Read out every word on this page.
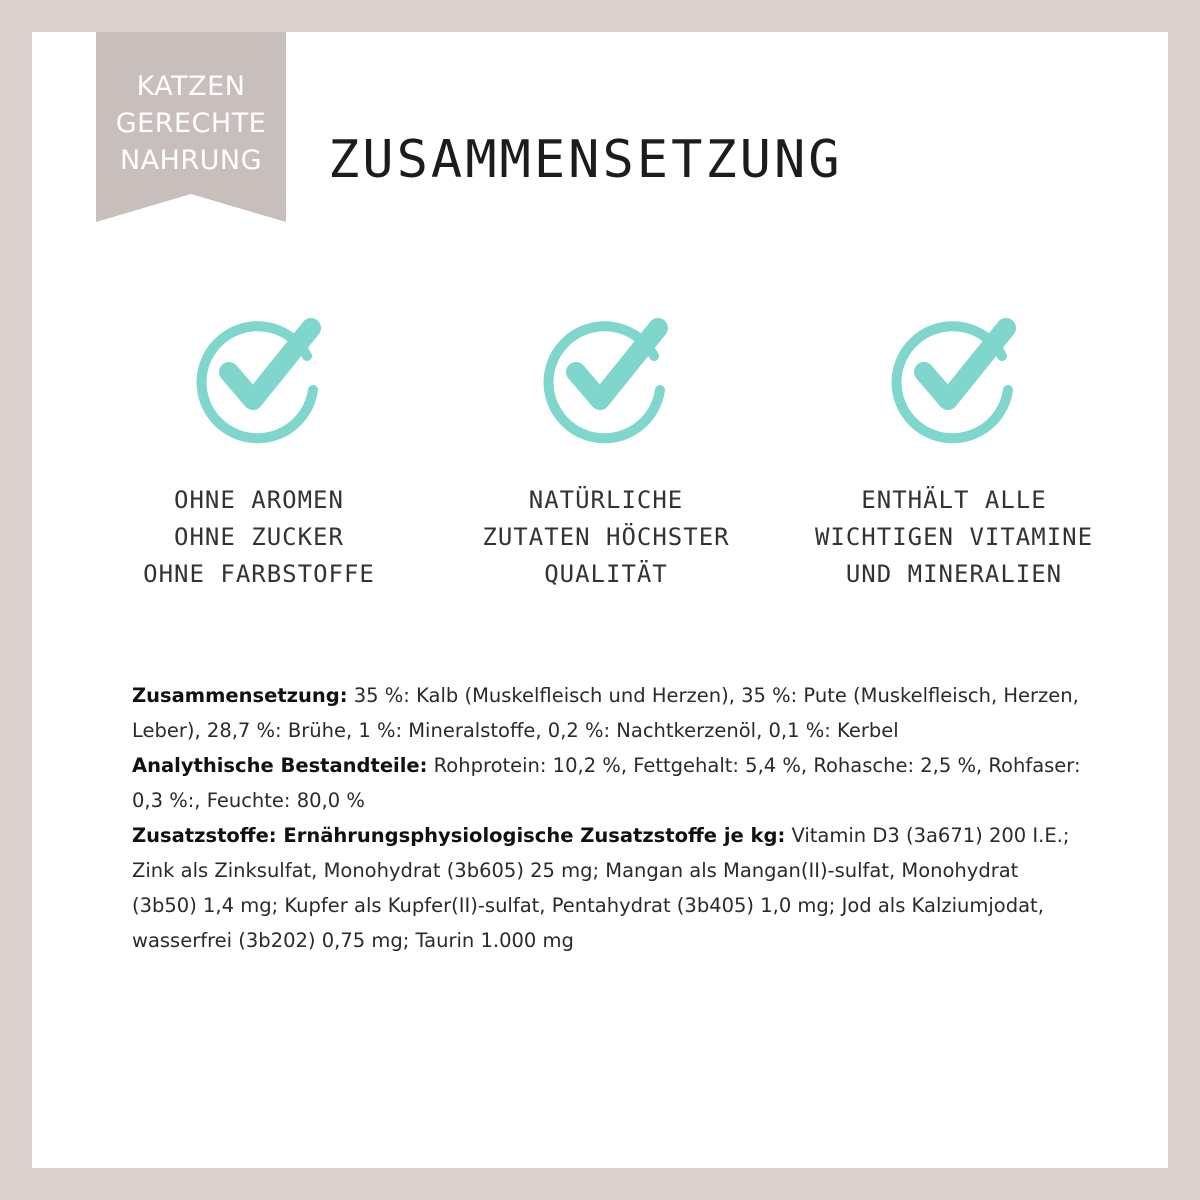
KATZEN
GERECHTE
NAHRUNG	ZUSAMMENSETZUNG
OHNE AROMEN
OHNE ZUCKER
OHNE FARBSTOFFE
NATÜRLICHE
ZUTATEN HÖCHSTER
QUALITÄT
ENTHÄLT ALLE
WICHTIGEN VITAMINE
UND MINERALIEN

Zusammensetzung: 35 %: Kalb (Muskelfleisch und Herzen), 35 %: Pute (Muskelfleisch, Herzen, Leber), 28,7 %: Brühe, 1 %: Mineralstoffe, 0,2 %: Nachtkerzenöl, 0,1 %: Kerbel

Analythische Bestandteile: Rohprotein: 10,2 %, Fettgehalt: 5,4 %, Rohasche: 2,5 %, Rohfaser: 0,3 %:, Feuchte: 80,0 %

Zusatzstoffe: Ernährungsphysiologische Zusatzstoffe je kg: Vitamin D3 (3a671) 200 I.E.; Zink als Zinksulfat, Monohydrat (3b605) 25 mg; Mangan als Mangan(II)-sulfat, Monohydrat (3b50) 1,4 mg; Kupfer als Kupfer(II)-sulfat, Pentahydrat (3b405) 1,0 mg; Jod als Kalziumjodat, wasserfrei (3b202) 0,75 mg; Taurin 1.000 mg
